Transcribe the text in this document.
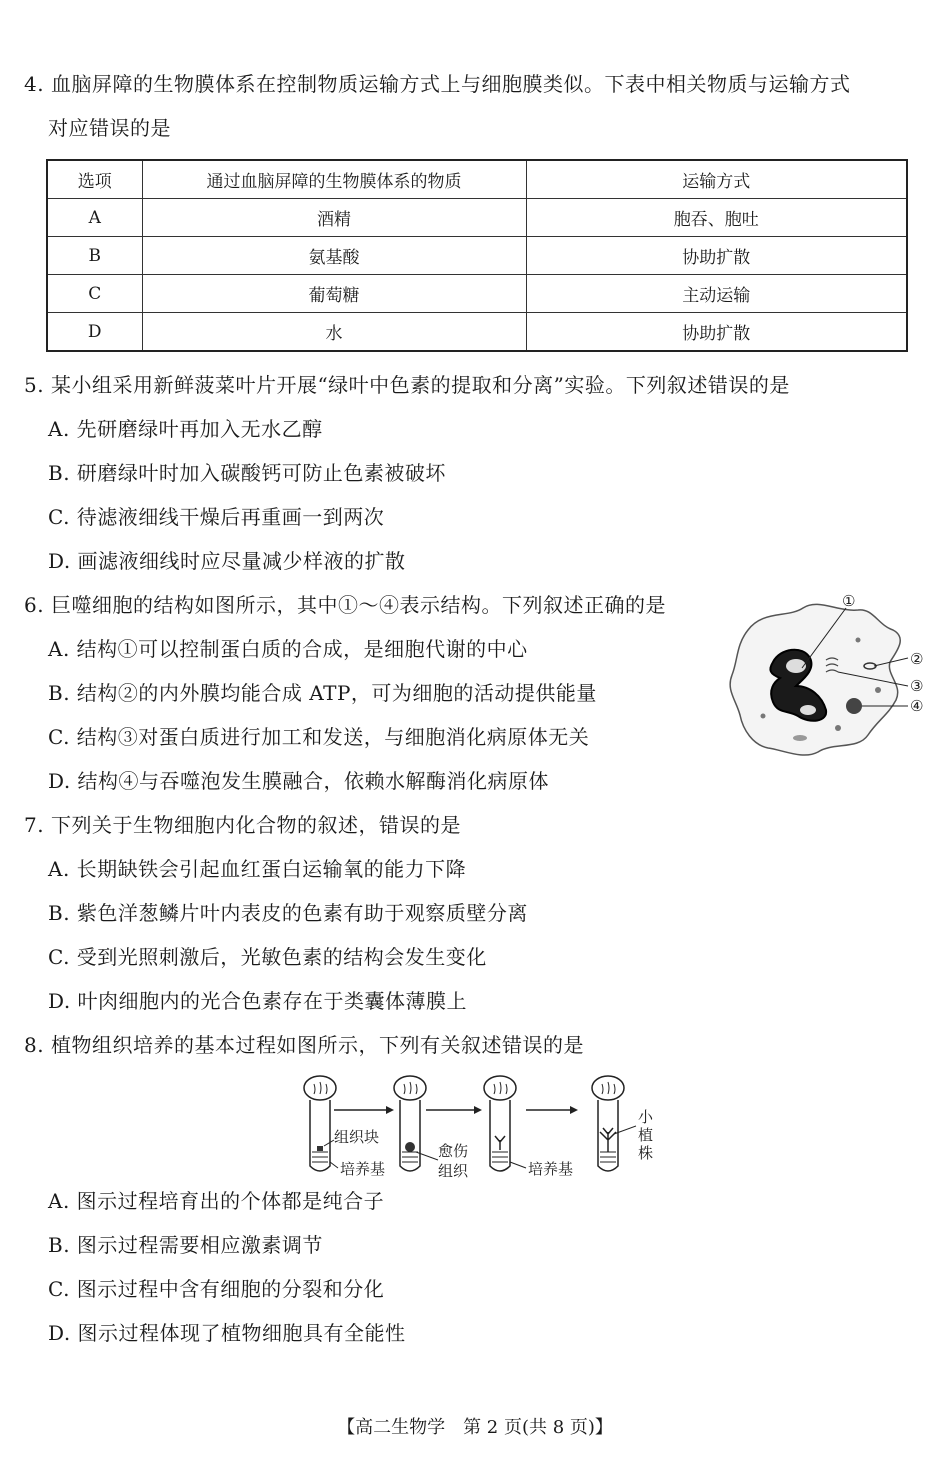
4. 血脑屏障的生物膜体系在控制物质运输方式上与细胞膜类似。下表中相关物质与运输方式
对应错误的是
选项	通过血脑屏障的生物膜体系的物质	运输方式
A	酒精	胞吞、胞吐
B	氨基酸	协助扩散
C	葡萄糖	主动运输
D	水	协助扩散
5. 某小组采用新鲜菠菜叶片开展“绿叶中色素的提取和分离”实验。下列叙述错误的是
A. 先研磨绿叶再加入无水乙醇
B. 研磨绿叶时加入碳酸钙可防止色素被破坏
C. 待滤液细线干燥后再重画一到两次
D. 画滤液细线时应尽量减少样液的扩散
6. 巨噬细胞的结构如图所示，其中①～④表示结构。下列叙述正确的是
A. 结构①可以控制蛋白质的合成，是细胞代谢的中心
B. 结构②的内外膜均能合成 ATP，可为细胞的活动提供能量
C. 结构③对蛋白质进行加工和发送，与细胞消化病原体无关
D. 结构④与吞噬泡发生膜融合，依赖水解酶消化病原体
①
②
③
④
7. 下列关于生物细胞内化合物的叙述，错误的是
A. 长期缺铁会引起血红蛋白运输氧的能力下降
B. 紫色洋葱鳞片叶内表皮的色素有助于观察质壁分离
C. 受到光照刺激后，光敏色素的结构会发生变化
D. 叶肉细胞内的光合色素存在于类囊体薄膜上
8. 植物组织培养的基本过程如图所示，下列有关叙述错误的是
组织块
培养基
愈伤
组织	培养基
小
植
株
A. 图示过程培育出的个体都是纯合子
B. 图示过程需要相应激素调节
C. 图示过程中含有细胞的分裂和分化
D. 图示过程体现了植物细胞具有全能性
【高二生物学　第 2 页(共 8 页)】
